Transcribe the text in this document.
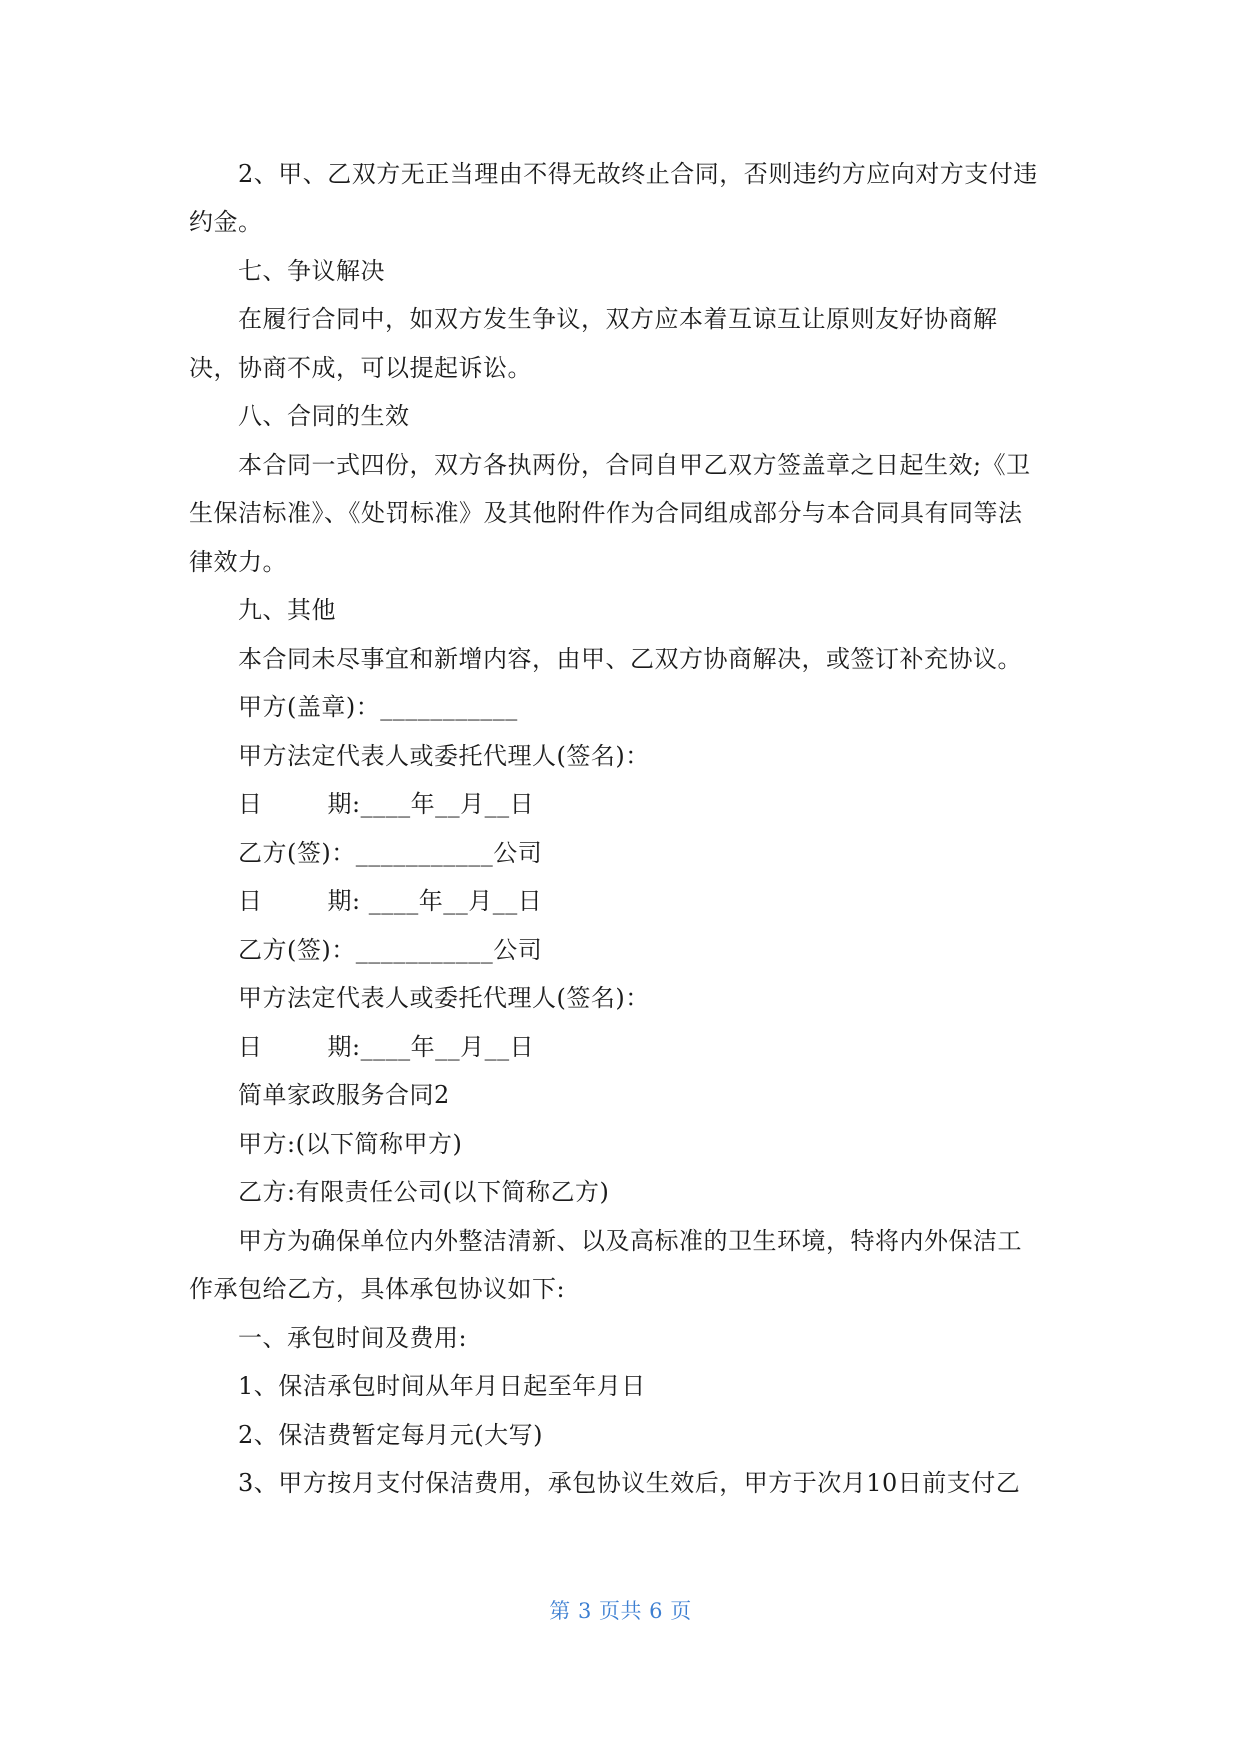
2、甲、乙双方无正当理由不得无故终止合同，否则违约方应向对方支付违
约金。
七、争议解决
在履行合同中，如双方发生争议，双方应本着互谅互让原则友好协商解
决，协商不成，可以提起诉讼。
八、合同的生效
本合同一式四份，双方各执两份，合同自甲乙双方签盖章之日起生效;《卫
生保洁标准》、《处罚标准》及其他附件作为合同组成部分与本合同具有同等法
律效力。
九、其他
本合同未尽事宜和新增内容，由甲、乙双方协商解决，或签订补充协议。
甲方(盖章)：___________
甲方法定代表人或委托代理人(签名)：
日        期:____年__月__日
乙方(签)：___________公司
日        期: ____年__月__日
乙方(签)：___________公司
甲方法定代表人或委托代理人(签名)：
日        期:____年__月__日
简单家政服务合同2
甲方:(以下简称甲方)
乙方:有限责任公司(以下简称乙方)
甲方为确保单位内外整洁清新、以及高标准的卫生环境，特将内外保洁工
作承包给乙方，具体承包协议如下:
一、承包时间及费用:
1、保洁承包时间从年月日起至年月日
2、保洁费暂定每月元(大写)
3、甲方按月支付保洁费用，承包协议生效后，甲方于次月10日前支付乙
第 3 页共 6 页
